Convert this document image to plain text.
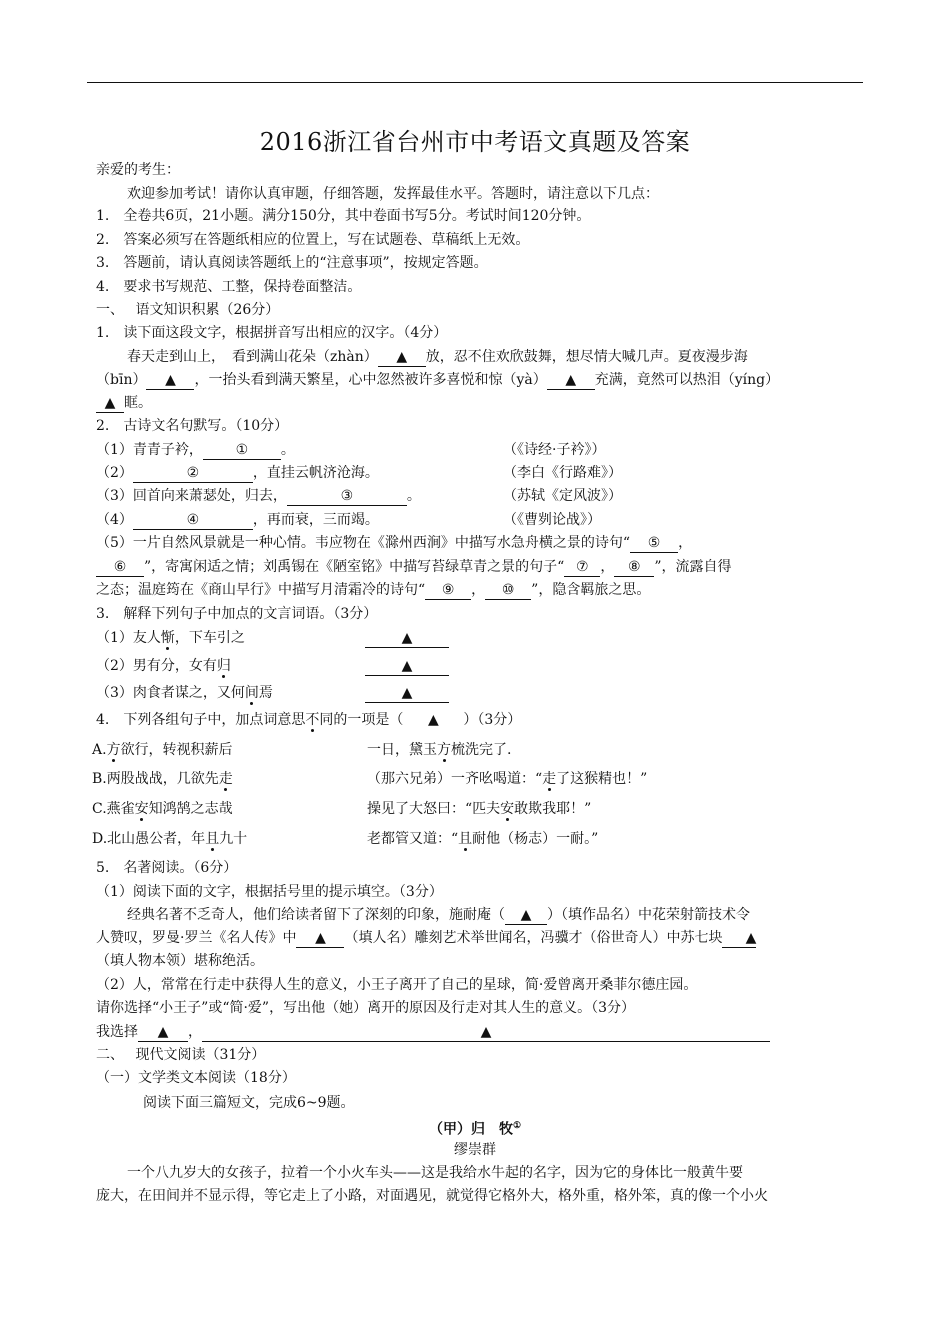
2016浙江省台州市中考语文真题及答案
亲爱的考生：
欢迎参加考试！请你认真审题，仔细答题，发挥最佳水平。答题时，请注意以下几点：
1.　全卷共6页，21小题。满分150分，其中卷面书写5分。考试时间120分钟。
2.　答案必须写在答题纸相应的位置上，写在试题卷、草稿纸上无效。
3.　答题前，请认真阅读答题纸上的“注意事项”，按规定答题。
4.　要求书写规范、工整，保持卷面整洁。
一、　 语文知识积累（26分）
1.　读下面这段文字，根据拼音写出相应的汉字。（4分）
春天走到山上，　看到满山花朵（zhàn） ▲ 放，忍不住欢欣鼓舞，想尽情大喊几声。夏夜漫步海
（bīn） ▲ ，一抬头看到满天繁星，心中忽然被许多喜悦和惊（yà） ▲ 充满，竟然可以热泪（yíng）
▲ 眶。
2.　古诗文名句默写。（10分）
（1）青青子衿， ① 。	（《诗经·子衿》）
（2）	②	，直挂云帆济沧海。	（李白《行路难》）
（3）回首向来萧瑟处，归去，	③	。	（苏轼《定风波》）
（4）	④	，再而衰，三而竭。	（《曹刿论战》）
（5）一片自然风景就是一种心情。韦应物在《滁州西涧》中描写水急舟横之景的诗句“ ⑤ ，
⑥ ”，寄寓闲适之情；刘禹锡在《陋室铭》中描写苔绿草青之景的句子“ ⑦ ， ⑧ ”，流露自得
之态；温庭筠在《商山早行》中描写月清霜冷的诗句“ ⑨ ， ⑩ ”，隐含羁旅之思。
3.　解释下列句子中加点的文言词语。（3分）
（1）友人惭，下车引之	▲
（2）男有分，女有归	▲
（3）肉食者谋之，又何间焉	▲
4.　下列各组句子中，加点词意思不同的一项是（ ▲ ）（3分）
A.方欲行，转视积薪后	一日，黛玉方梳洗完了.
B.两股战战，几欲先走	（那六兄弟）一齐吆喝道：“走了这猴精也！”
C.燕雀安知鸿鹄之志哉	操见了大怒曰：“匹夫安敢欺我耶！”
D.北山愚公者，年且九十	老都管又道：“且耐他（杨志）一耐。”
5.　名著阅读。（6分）
（1）阅读下面的文字，根据括号里的提示填空。（3分）
经典名著不乏奇人，他们给读者留下了深刻的印象，施耐庵（ ▲ ）（填作品名）中花荣射箭技术令
人赞叹，罗曼·罗兰《名人传》中 ▲ （填人名）雕刻艺术举世闻名，冯骥才（俗世奇人）中苏七块 ▲
（填人物本领）堪称绝活。
（2）人，常常在行走中获得人生的意义，小王子离开了自己的星球，简·爱曾离开桑菲尔德庄园。
请你选择“小王子”或“简·爱”，写出他（她）离开的原因及行走对其人生的意义。（3分）
我选择 ▲ ，	▲
二、　 现代文阅读（31分）
（一）文学类文本阅读（18分）
阅读下面三篇短文，完成6~9题。
（甲）归　牧①
缪崇群
一个八九岁大的女孩子，拉着一个小火车头——这是我给水牛起的名字，因为它的身体比一般黄牛要
庞大，在田间并不显示得，等它走上了小路，对面遇见，就觉得它格外大，格外重，格外笨，真的像一个小火
